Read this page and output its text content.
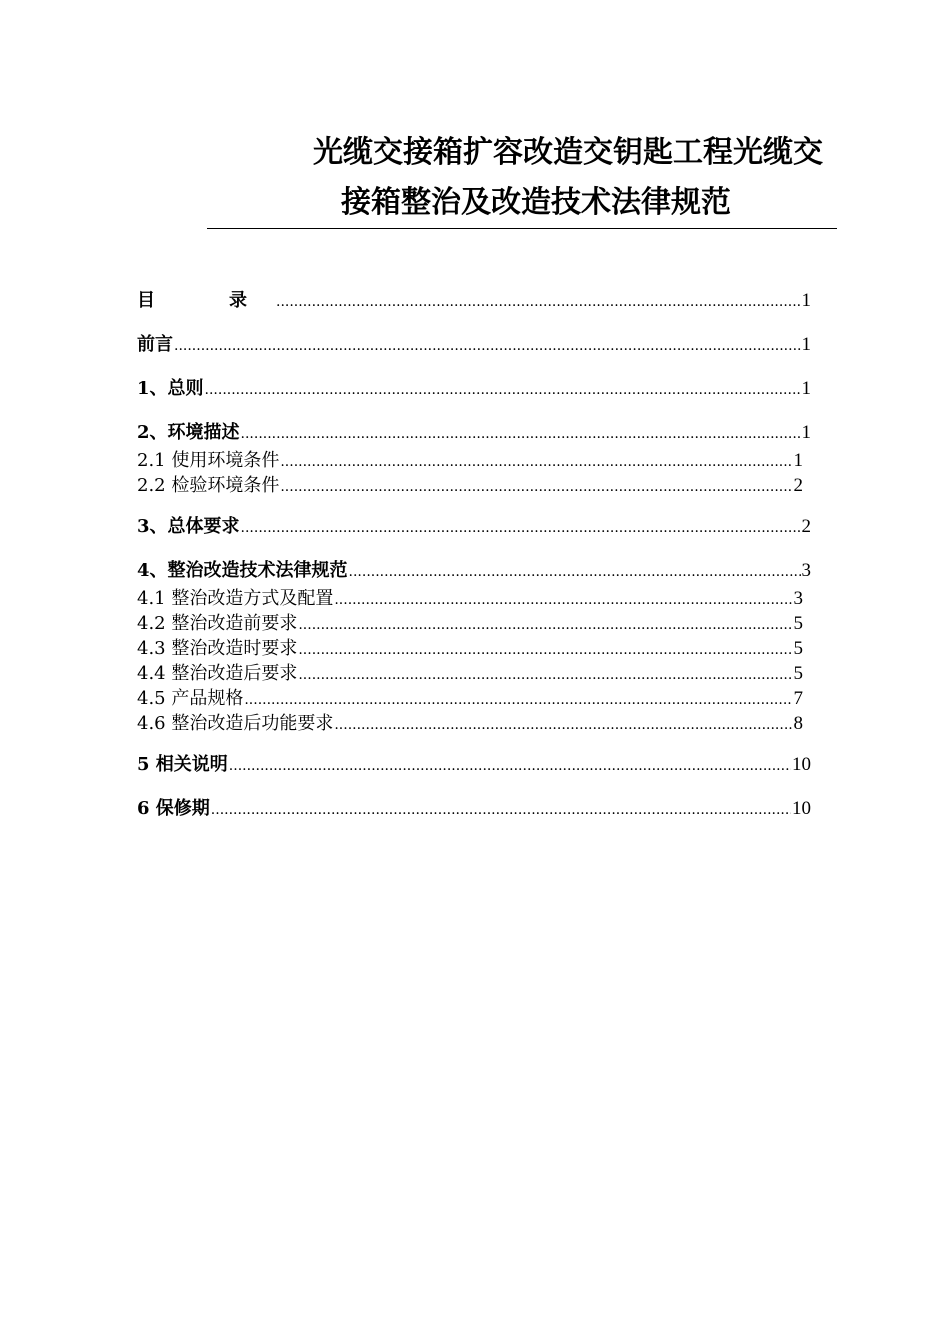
光缆交接箱扩容改造交钥匙工程光缆交
接箱整治及改造技术法律规范
目　录 .....	1
前言 .....	1
1、总则 .....	1
2、环境描述 .....	1
2.1 使用环境条件 .....	1
2.2 检验环境条件 .....	2
3、总体要求 .....	2
4、整治改造技术法律规范 .....	3
4.1 整治改造方式及配置 .....	3
4.2 整治改造前要求 .....	5
4.3 整治改造时要求 .....	5
4.4 整治改造后要求 .....	5
4.5 产品规格 .....	7
4.6 整治改造后功能要求 .....	8
5 相关说明 .....	10
6 保修期 .....	10
